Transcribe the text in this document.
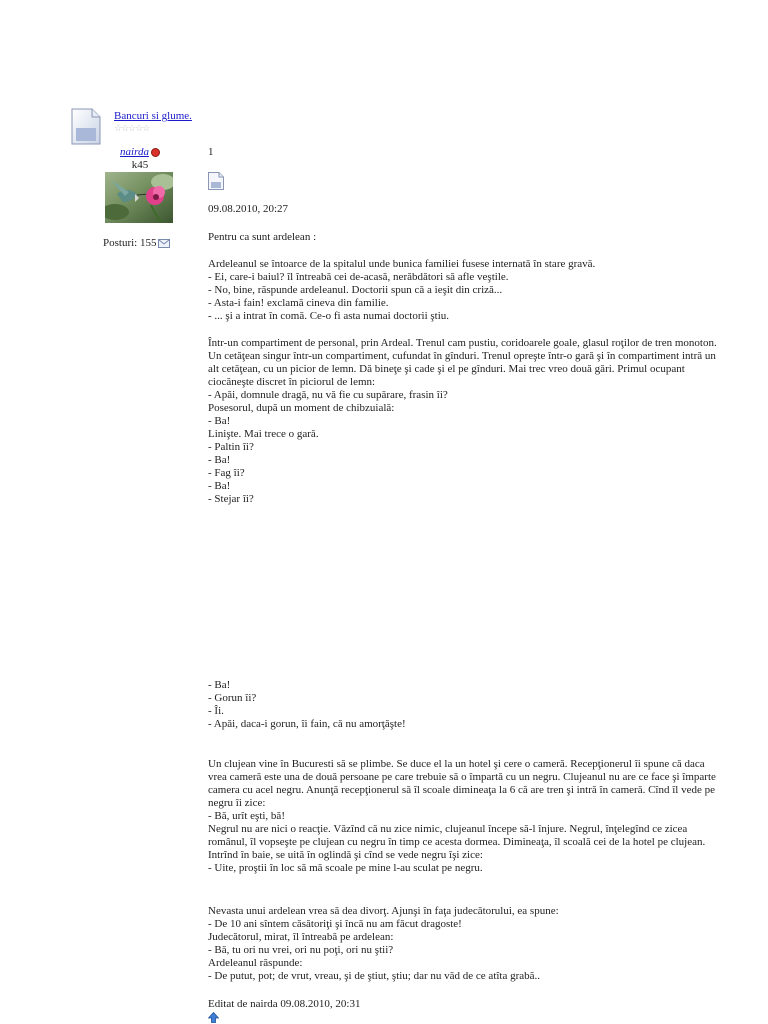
Bancuri si glume.
☆☆☆☆☆
nairda
k45
Posturi: 155
1
09.08.2010, 20:27
Pentru ca sunt ardelean :
Ardeleanul se întoarce de la spitalul unde bunica familiei fusese internată în stare gravă.
- Ei, care-i baiul? îl întreabă cei de-acasă, nerăbdători să afle veştile.
- No, bine, răspunde ardeleanul. Doctorii spun că a ieşit din criză...
- Asta-i fain! exclamă cineva din familie.
- ... şi a intrat în comă. Ce-o fi asta numai doctorii ştiu.
Într-un compartiment de personal, prin Ardeal. Trenul cam pustiu, coridoarele goale, glasul roţilor de tren monoton. Un cetăţean singur într-un compartiment, cufundat în gînduri. Trenul opreşte într-o gară şi în compartiment intră un alt cetăţean, cu un picior de lemn. Dă bineţe şi cade şi el pe gînduri. Mai trec vreo două gări. Primul ocupant ciocăneşte discret în piciorul de lemn:
- Apăi, domnule dragă, nu vă fie cu supărare, frasin îi?
Posesorul, după un moment de chibzuială:
- Ba!
Linişte. Mai trece o gară.
- Paltin îi?
- Ba!
- Fag îi?
- Ba!
- Stejar îi?
- Ba!
- Gorun îi?
- Îi.
- Apăi, daca-i gorun, îi fain, că nu amorţăşte!
Un clujean vine în Bucuresti să se plimbe. Se duce el la un hotel şi cere o cameră. Recepţionerul îi spune că daca vrea cameră este una de două persoane pe care trebuie să o împartă cu un negru. Clujeanul nu are ce face şi împarte camera cu acel negru. Anunţă recepţionerul să îl scoale dimineaţa la 6 că are tren şi intră în cameră. Cînd îl vede pe negru îi zice:
- Bă, urît eşti, bă!
Negrul nu are nici o reacţie. Văzînd că nu zice nimic, clujeanul începe să-l înjure. Negrul, înţelegînd ce zicea românul, îl vopseşte pe clujean cu negru în timp ce acesta dormea. Dimineaţa, îl scoală cei de la hotel pe clujean. Intrînd în baie, se uită în oglindă şi cînd se vede negru îşi zice:
- Uite, proştii în loc să mă scoale pe mine l-au sculat pe negru.
Nevasta unui ardelean vrea să dea divorţ. Ajunşi în faţa judecătorului, ea spune:
- De 10 ani sîntem căsătoriţi şi încă nu am făcut dragoste!
Judecătorul, mirat, îl întreabă pe ardelean:
- Bă, tu ori nu vrei, ori nu poţi, ori nu ştii?
Ardeleanul răspunde:
- De putut, pot; de vrut, vreau, şi de ştiut, ştiu; dar nu văd de ce atîta grabă..
Editat de nairda 09.08.2010, 20:31
